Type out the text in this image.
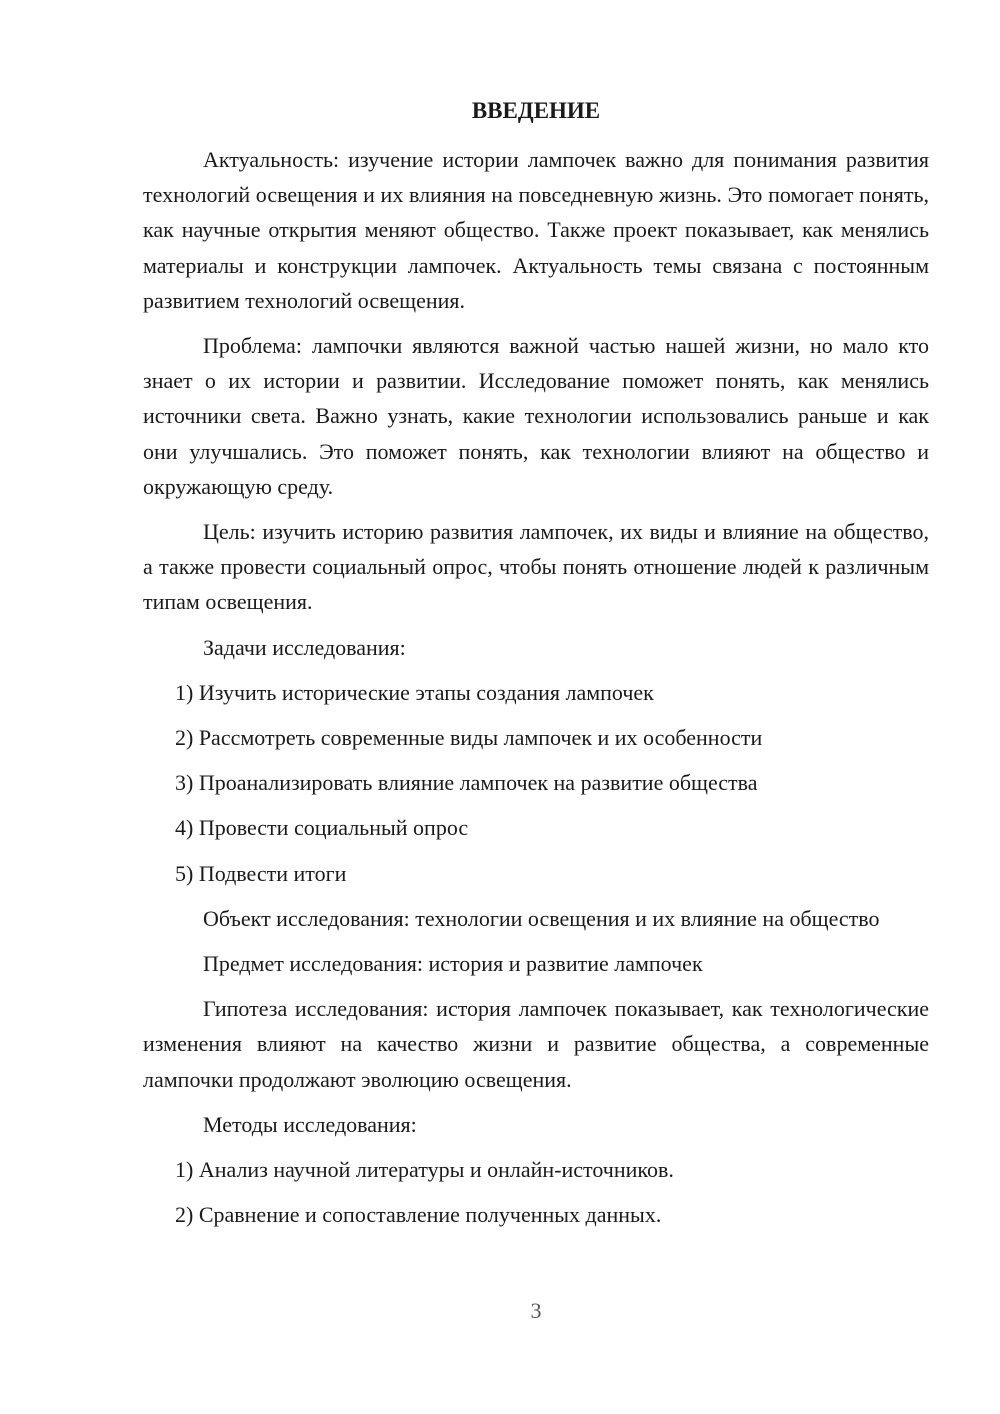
ВВЕДЕНИЕ

Актуальность: изучение истории лампочек важно для понимания развития технологий освещения и их влияния на повседневную жизнь. Это помогает понять, как научные открытия меняют общество. Также проект показывает, как менялись материалы и конструкции лампочек. Актуальность темы связана с постоянным развитием технологий освещения.

Проблема: лампочки являются важной частью нашей жизни, но мало кто знает о их истории и развитии. Исследование поможет понять, как менялись источники света. Важно узнать, какие технологии использовались раньше и как они улучшались. Это поможет понять, как технологии влияют на общество и окружающую среду.

Цель: изучить историю развития лампочек, их виды и влияние на общество, а также провести социальный опрос, чтобы понять отношение людей к различным типам освещения.

Задачи исследования:

1) Изучить исторические этапы создания лампочек

2) Рассмотреть современные виды лампочек и их особенности

3) Проанализировать влияние лампочек на развитие общества

4) Провести социальный опрос

5) Подвести итоги

Объект исследования: технологии освещения и их влияние на общество

Предмет исследования: история и развитие лампочек

Гипотеза исследования: история лампочек показывает, как технологические изменения влияют на качество жизни и развитие общества, а современные лампочки продолжают эволюцию освещения.

Методы исследования:

1) Анализ научной литературы и онлайн-источников.

2) Сравнение и сопоставление полученных данных.

3
